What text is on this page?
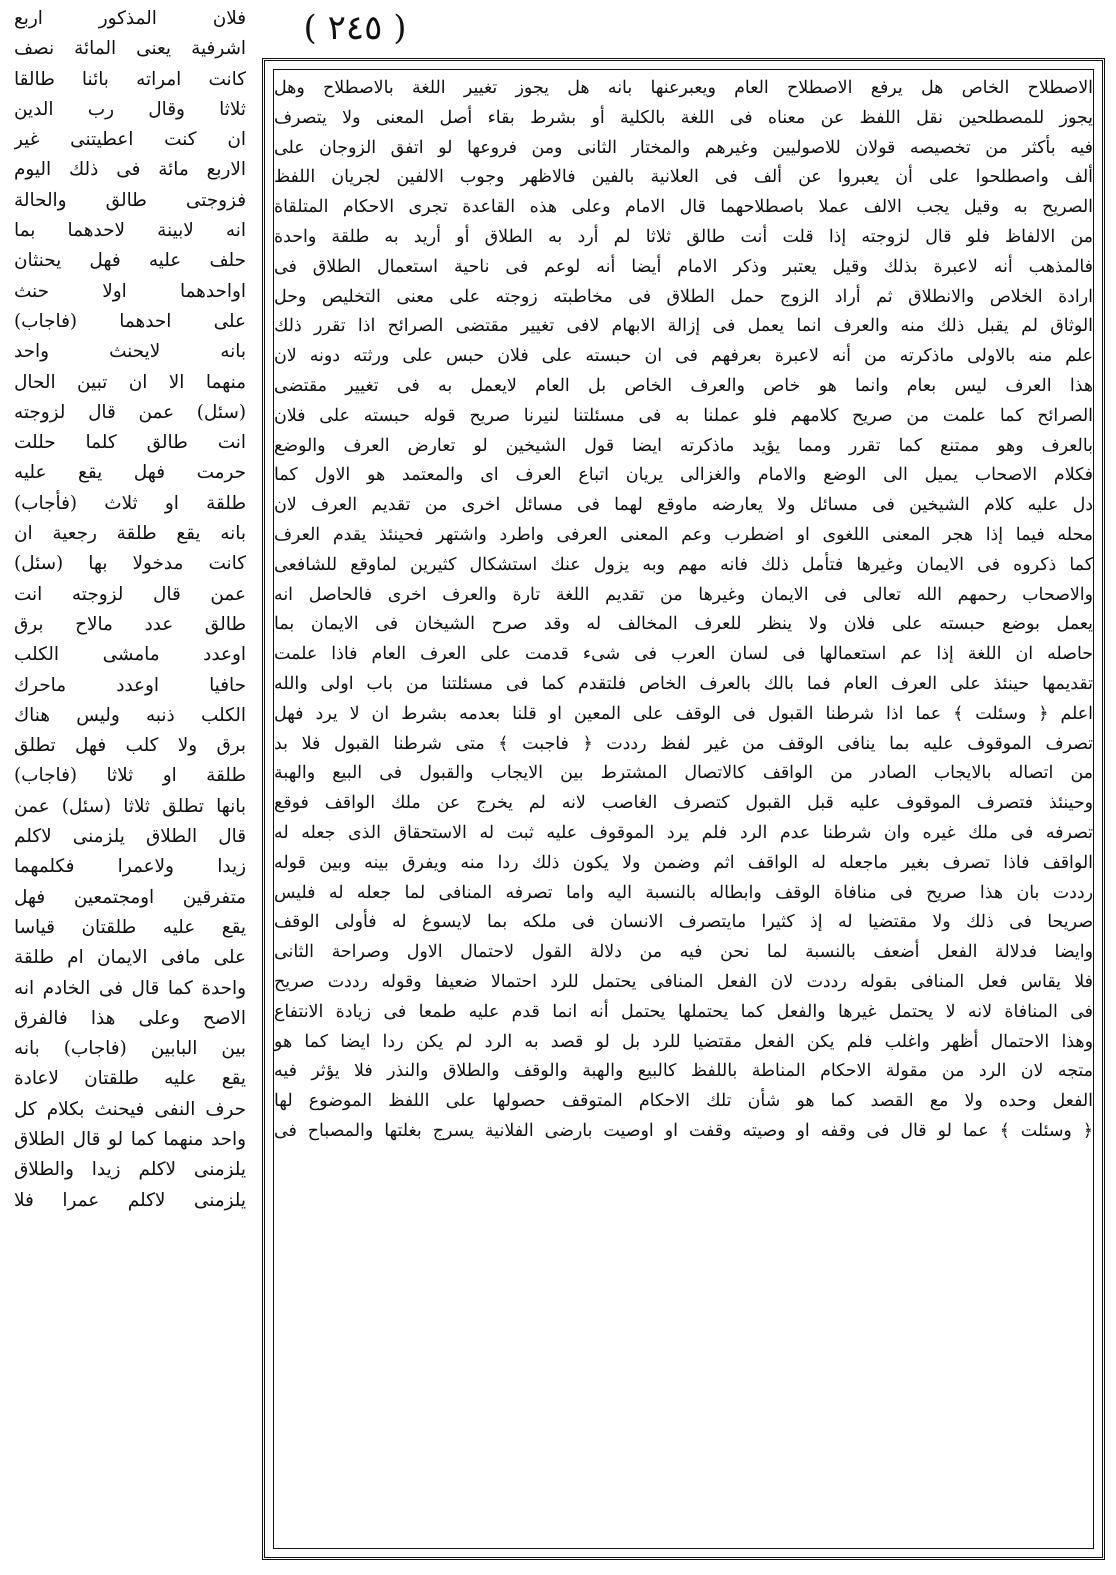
( ٢٤٥ )
الاصطلاح الخاص هل يرفع الاصطلاح العام ويعبرعنها بانه هل يجوز تغيير اللغة بالاصطلاح وهل
يجوز للمصطلحين نقل اللفظ عن معناه فى اللغة بالكلية أو بشرط بقاء أصل المعنى ولا يتصرف
فيه بأكثر من تخصيصه قولان للاصوليين وغيرهم والمختار الثانى ومن فروعها لو اتفق الزوجان على
ألف واصطلحوا على أن يعبروا عن ألف فى العلانية بالفين فالاظهر وجوب الالفين لجريان اللفظ
الصريح به وقيل يجب الالف عملا باصطلاحهما قال الامام وعلى هذه القاعدة تجرى الاحكام المتلقاة
من الالفاظ فلو قال لزوجته إذا قلت أنت طالق ثلاثا لم أرد به الطلاق أو أريد به طلقة واحدة
فالمذهب أنه لاعبرة بذلك وقيل يعتبر وذكر الامام أيضا أنه لوعم فى ناحية استعمال الطلاق فى
ارادة الخلاص والانطلاق ثم أراد الزوج حمل الطلاق فى مخاطبته زوجته على معنى التخليص وحل
الوثاق لم يقبل ذلك منه والعرف انما يعمل فى إزالة الابهام لافى تغيير مقتضى الصرائح اذا تقرر ذلك
علم منه بالاولى ماذكرته من أنه لاعبرة بعرفهم فى ان حبسته على فلان حبس على ورثته دونه لان
هذا العرف ليس بعام وانما هو خاص والعرف الخاص بل العام لايعمل به فى تغيير مقتضى
الصرائح كما علمت من صريح كلامهم فلو عملنا به فى مسئلتنا لنيرنا صريح قوله حبسته على فلان
بالعرف وهو ممتنع كما تقرر ومما يؤيد ماذكرته ايضا قول الشيخين لو تعارض العرف والوضع
فكلام الاصحاب يميل الى الوضع والامام والغزالى يريان اتباع العرف اى والمعتمد هو الاول كما
دل عليه كلام الشيخين فى مسائل ولا يعارضه ماوقع لهما فى مسائل اخرى من تقديم العرف لان
محله فيما إذا هجر المعنى اللغوى او اضطرب وعم المعنى العرفى واطرد واشتهر فحينئذ يقدم العرف
كما ذكروه فى الايمان وغيرها فتأمل ذلك فانه مهم وبه يزول عنك استشكال كثيرين لماوقع للشافعى
والاصحاب رحمهم الله تعالى فى الايمان وغيرها من تقديم اللغة تارة والعرف اخرى فالحاصل انه
يعمل بوضع حبسته على فلان ولا ينظر للعرف المخالف له وقد صرح الشيخان فى الايمان بما
حاصله ان اللغة إذا عم استعمالها فى لسان العرب فى شىء قدمت على العرف العام فاذا علمت
تقديمها حينئذ على العرف العام فما بالك بالعرف الخاص فلتقدم كما فى مسئلتنا من باب اولى والله
اعلم ﴿ وسئلت ﴾ عما اذا شرطنا القبول فى الوقف على المعين او قلنا بعدمه بشرط ان لا يرد فهل
تصرف الموقوف عليه بما ينافى الوقف من غير لفظ رددت ﴿ فاجبت ﴾ متى شرطنا القبول فلا بد
من اتصاله بالايجاب الصادر من الواقف كالاتصال المشترط بين الايجاب والقبول فى البيع والهبة
وحينئذ فتصرف الموقوف عليه قبل القبول كتصرف الغاصب لانه لم يخرج عن ملك الواقف فوقع
تصرفه فى ملك غيره وان شرطنا عدم الرد فلم يرد الموقوف عليه ثبت له الاستحقاق الذى جعله له
الواقف فاذا تصرف بغير ماجعله له الواقف اثم وضمن ولا يكون ذلك ردا منه ويفرق بينه وبين قوله
رددت بان هذا صريح فى منافاة الوقف وابطاله بالنسبة اليه واما تصرفه المنافى لما جعله له فليس
صريحا فى ذلك ولا مقتضيا له إذ كثيرا مايتصرف الانسان فى ملكه بما لايسوغ له فأولى الوقف
وايضا فدلالة الفعل أضعف بالنسبة لما نحن فيه من دلالة القول لاحتمال الاول وصراحة الثانى
فلا يقاس فعل المنافى بقوله رددت لان الفعل المنافى يحتمل للرد احتمالا ضعيفا وقوله رددت صريح
فى المنافاة لانه لا يحتمل غيرها والفعل كما يحتملها يحتمل أنه انما قدم عليه طمعا فى زيادة الانتفاع
وهذا الاحتمال أظهر واغلب فلم يكن الفعل مقتضيا للرد بل لو قصد به الرد لم يكن ردا ايضا كما هو
متجه لان الرد من مقولة الاحكام المناطة باللفظ كالبيع والهبة والوقف والطلاق والنذر فلا يؤثر فيه
الفعل وحده ولا مع القصد كما هو شأن تلك الاحكام المتوقف حصولها على اللفظ الموضوع لها
﴿ وسئلت ﴾ عما لو قال فى وقفه او وصيته وقفت او اوصيت بارضى الفلانية يسرج بغلتها والمصباح فى
فلان المذكور اربع
اشرفية يعنى المائة نصف
كانت امراته بائنا طالقا
ثلاثا وقال رب الدين
ان كنت اعطيتنى غير
الاربع مائة فى ذلك اليوم
فزوجتى طالق والحالة
انه لابينة لاحدهما بما
حلف عليه فهل يحنثان
اواحدهما اولا حنث
على احدهما (فاجاب)
بانه لايحنث واحد
منهما الا ان تبين الحال
(سئل) عمن قال لزوجته
انت طالق كلما حللت
حرمت فهل يقع عليه
طلقة او ثلاث (فأجاب)
بانه يقع طلقة رجعية ان
كانت مدخولا بها (سئل)
عمن قال لزوجته انت
طالق عدد مالاح برق
اوعدد مامشى الكلب
حافيا اوعدد ماحرك
الكلب ذنبه وليس هناك
برق ولا كلب فهل تطلق
طلقة او ثلاثا (فاجاب)
بانها تطلق ثلاثا (سئل) عمن
قال الطلاق يلزمنى لاكلم
زيدا ولاعمرا فكلمهما
متفرقين اومجتمعين فهل
يقع عليه طلقتان قياسا
على مافى الايمان ام طلقة
واحدة كما قال فى الخادم انه
الاصح وعلى هذا فالفرق
بين البابين (فاجاب) بانه
يقع عليه طلقتان لاعادة
حرف النفى فيحنث بكلام كل
واحد منهما كما لو قال الطلاق
يلزمنى لاكلم زيدا والطلاق
يلزمنى لاكلم عمرا فلا
